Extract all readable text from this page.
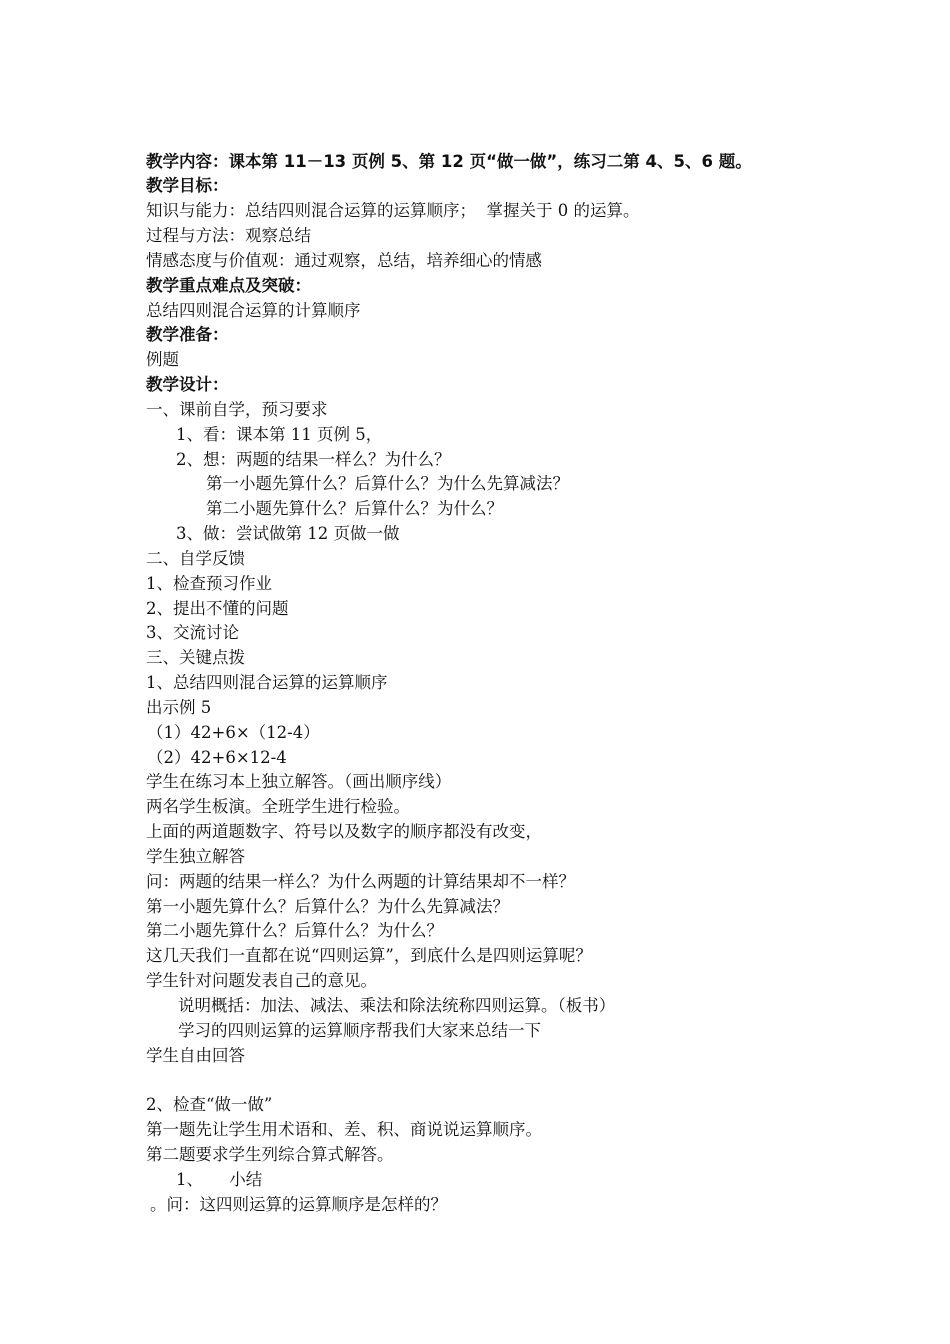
教学内容：课本第 11－13 页例 5、第 12 页“做一做”，练习二第 4、5、6 题。
教学目标：
知识与能力：总结四则混合运算的运算顺序；  掌握关于 0 的运算。
过程与方法：观察总结
情感态度与价值观：通过观察，总结，培养细心的情感
教学重点难点及突破：
总结四则混合运算的计算顺序
教学准备：
例题
教学设计：
一、课前自学，预习要求
1、看：课本第 11 页例 5，
2、想：两题的结果一样么？为什么？
第一小题先算什么？后算什么？为什么先算减法？
第二小题先算什么？后算什么？为什么？
3、做：尝试做第 12 页做一做
二、自学反馈
1、检查预习作业
2、提出不懂的问题
3、交流讨论
三、关键点拨
1、总结四则混合运算的运算顺序
出示例 5
（1）42+6×（12-4）
（2）42+6×12-4
学生在练习本上独立解答。（画出顺序线）
两名学生板演。全班学生进行检验。
上面的两道题数字、符号以及数字的顺序都没有改变，
学生独立解答
问：两题的结果一样么？为什么两题的计算结果却不一样？
第一小题先算什么？后算什么？为什么先算减法？
第二小题先算什么？后算什么？为什么？
这几天我们一直都在说“四则运算”，到底什么是四则运算呢？
学生针对问题发表自己的意见。
说明概括：加法、减法、乘法和除法统称四则运算。（板书）
学习的四则运算的运算顺序帮我们大家来总结一下
学生自由回答
2、检查“做一做”
第一题先让学生用术语和、差、积、商说说运算顺序。
第二题要求学生列综合算式解答。
1、     小结
。问：这四则运算的运算顺序是怎样的？
